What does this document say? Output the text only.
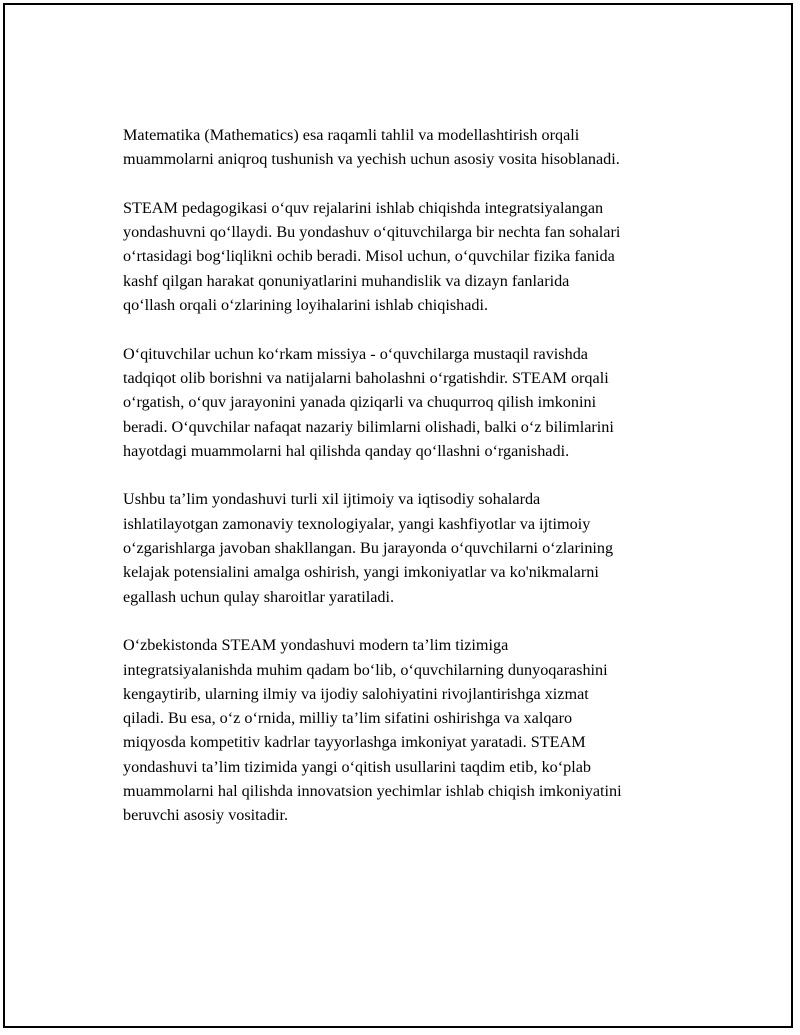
Matematika (Mathematics) esa raqamli tahlil va modellashtirish orqali
muammolarni aniqroq tushunish va yechish uchun asosiy vosita hisoblanadi.

STEAM pedagogikasi o‘quv rejalarini ishlab chiqishda integratsiyalangan
yondashuvni qo‘llaydi. Bu yondashuv o‘qituvchilarga bir nechta fan sohalari
o‘rtasidagi bog‘liqlikni ochib beradi. Misol uchun, o‘quvchilar fizika fanida
kashf qilgan harakat qonuniyatlarini muhandislik va dizayn fanlarida
qo‘llash orqali o‘zlarining loyihalarini ishlab chiqishadi.

O‘qituvchilar uchun ko‘rkam missiya - o‘quvchilarga mustaqil ravishda
tadqiqot olib borishni va natijalarni baholashni o‘rgatishdir. STEAM orqali
o‘rgatish, o‘quv jarayonini yanada qiziqarli va chuqurroq qilish imkonini
beradi. O‘quvchilar nafaqat nazariy bilimlarni olishadi, balki o‘z bilimlarini
hayotdagi muammolarni hal qilishda qanday qo‘llashni o‘rganishadi.

Ushbu ta’lim yondashuvi turli xil ijtimoiy va iqtisodiy sohalarda
ishlatilayotgan zamonaviy texnologiyalar, yangi kashfiyotlar va ijtimoiy
o‘zgarishlarga javoban shakllangan. Bu jarayonda o‘quvchilarni o‘zlarining
kelajak potensialini amalga oshirish, yangi imkoniyatlar va ko'nikmalarni
egallash uchun qulay sharoitlar yaratiladi.

O‘zbekistonda STEAM yondashuvi modern ta’lim tizimiga
integratsiyalanishda muhim qadam bo‘lib, o‘quvchilarning dunyoqarashini
kengaytirib, ularning ilmiy va ijodiy salohiyatini rivojlantirishga xizmat
qiladi. Bu esa, o‘z o‘rnida, milliy ta’lim sifatini oshirishga va xalqaro
miqyosda kompetitiv kadrlar tayyorlashga imkoniyat yaratadi. STEAM
yondashuvi ta’lim tizimida yangi o‘qitish usullarini taqdim etib, ko‘plab
muammolarni hal qilishda innovatsion yechimlar ishlab chiqish imkoniyatini
beruvchi asosiy vositadir.
